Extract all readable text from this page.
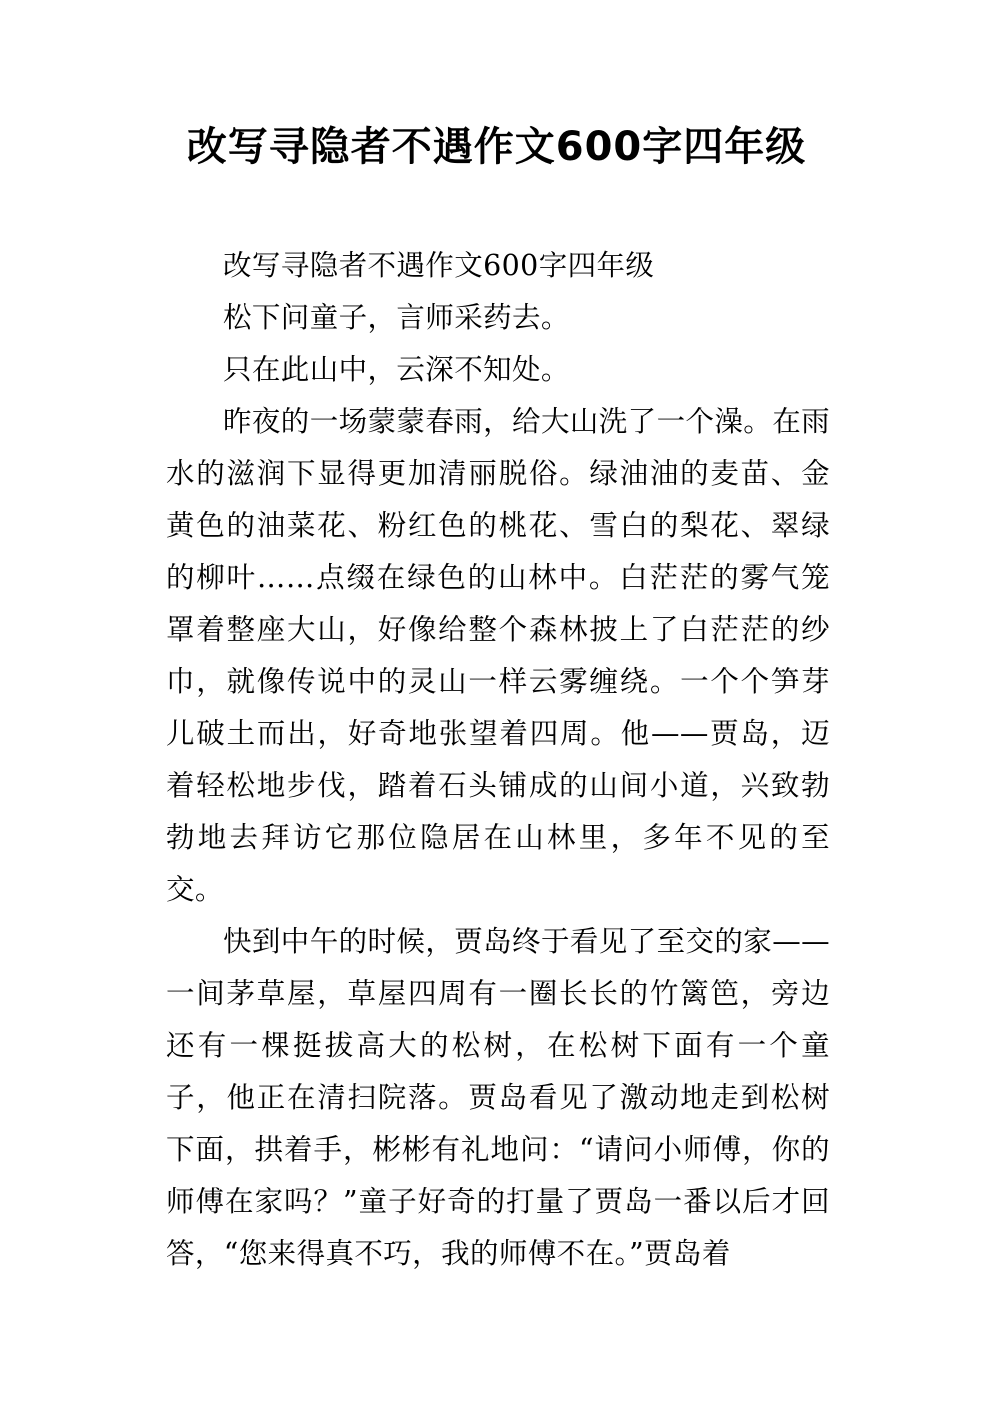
改写寻隐者不遇作文600字四年级

改写寻隐者不遇作文600字四年级

松下问童子，言师采药去。

只在此山中，云深不知处。

昨夜的一场蒙蒙春雨，给大山洗了一个澡。在雨水的滋润下显得更加清丽脱俗。绿油油的麦苗、金黄色的油菜花、粉红色的桃花、雪白的梨花、翠绿的柳叶……点缀在绿色的山林中。白茫茫的雾气笼罩着整座大山，好像给整个森林披上了白茫茫的纱巾，就像传说中的灵山一样云雾缠绕。一个个笋芽儿破土而出，好奇地张望着四周。他——贾岛，迈着轻松地步伐，踏着石头铺成的山间小道，兴致勃勃地去拜访它那位隐居在山林里，多年不见的至交。

快到中午的时候，贾岛终于看见了至交的家——一间茅草屋，草屋四周有一圈长长的竹篱笆，旁边还有一棵挺拔高大的松树，在松树下面有一个童子，他正在清扫院落。贾岛看见了激动地走到松树下面，拱着手，彬彬有礼地问：“请问小师傅，你的师傅在家吗？”童子好奇的打量了贾岛一番以后才回答，“您来得真不巧，我的师傅不在。”贾岛着
